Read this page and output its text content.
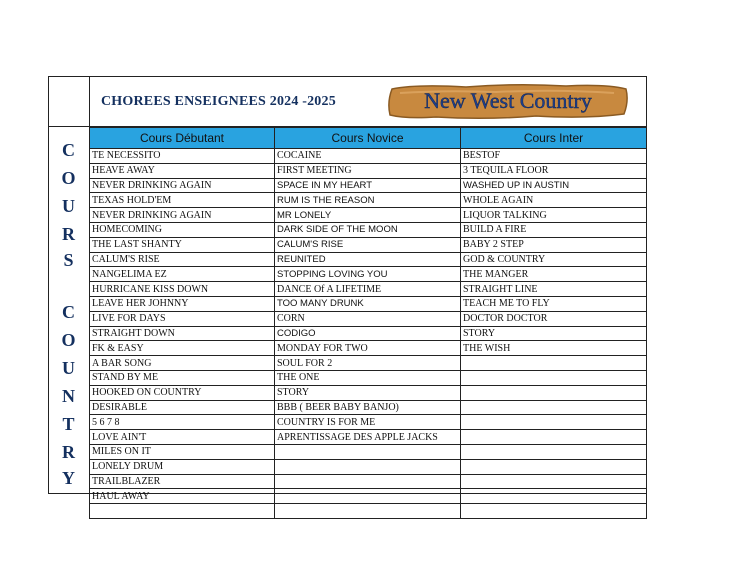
CHOREES ENSEIGNEES 2024 -2025	New West Country
C
O
U
R
S
C
O
U
N
T
R
Y
Cours Débutant	Cours Novice	Cours Inter
TE NECESSITO	COCAINE	BESTOF
HEAVE AWAY	FIRST MEETING	3 TEQUILA FLOOR
NEVER DRINKING AGAIN	SPACE IN MY HEART	WASHED UP IN AUSTIN
TEXAS HOLD'EM	RUM IS THE REASON	WHOLE AGAIN
NEVER DRINKING AGAIN	MR LONELY	LIQUOR TALKING
HOMECOMING	DARK SIDE OF THE MOON	BUILD A FIRE
THE LAST SHANTY	CALUM'S RISE	BABY 2 STEP
CALUM'S RISE	REUNITED	GOD & COUNTRY
NANGELIMA EZ	STOPPING LOVING YOU	THE MANGER
HURRICANE KISS DOWN	DANCE Of A LIFETIME	STRAIGHT LINE
LEAVE HER JOHNNY	TOO MANY DRUNK	TEACH ME TO FLY
LIVE FOR DAYS	CORN	DOCTOR DOCTOR
STRAIGHT DOWN	CODIGO	STORY
FK & EASY	MONDAY FOR TWO	THE WISH
A BAR SONG	SOUL FOR 2	
STAND BY ME	THE ONE	
HOOKED ON COUNTRY	STORY	
DESIRABLE	BBB ( BEER BABY BANJO)	
5 6 7 8	COUNTRY IS FOR ME	
LOVE AIN'T	APRENTISSAGE DES APPLE JACKS	
MILES ON IT		
LONELY DRUM		
TRAILBLAZER		
HAUL AWAY		
